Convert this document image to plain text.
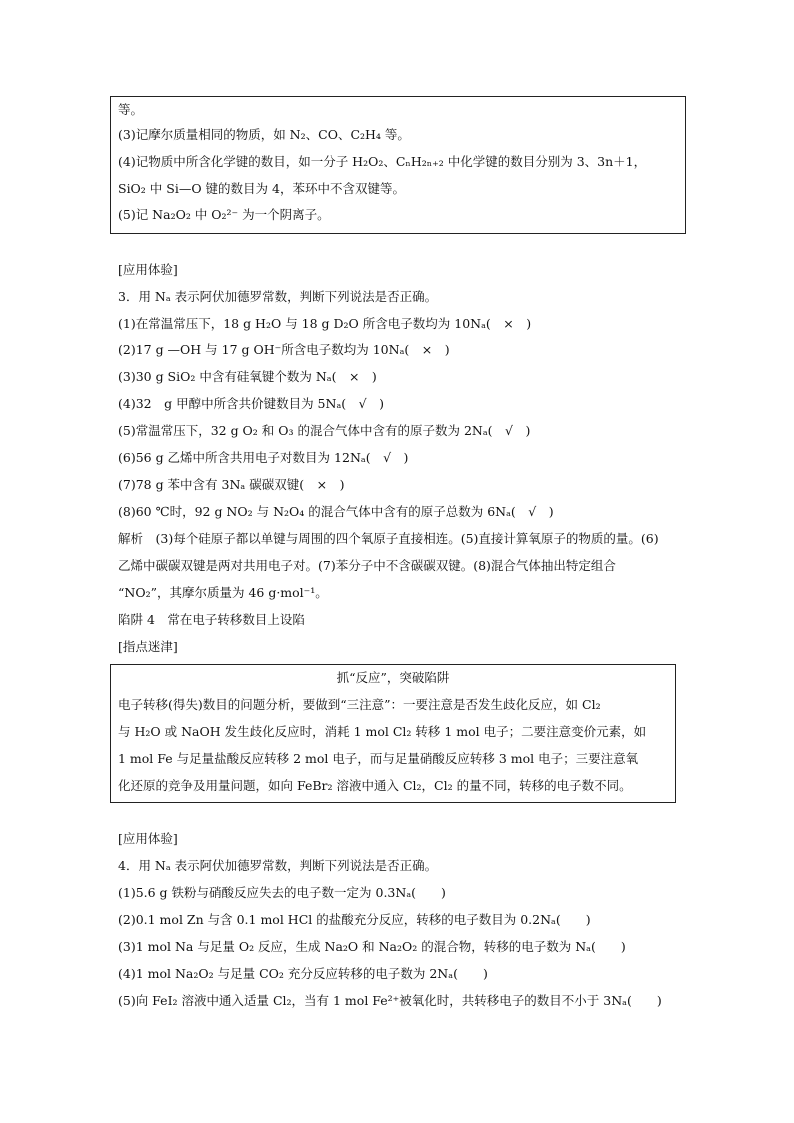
等。
(3)记摩尔质量相同的物质，如 N₂、CO、C₂H₄ 等。
(4)记物质中所含化学键的数目，如一分子 H₂O₂、CₙH₂ₙ₊₂ 中化学键的数目分别为 3、3n＋1，
SiO₂ 中 Si—O 键的数目为 4，苯环中不含双键等。
(5)记 Na₂O₂ 中 O₂²⁻ 为一个阴离子。
[应用体验]
3．用 Nₐ 表示阿伏加德罗常数，判断下列说法是否正确。
(1)在常温常压下，18 g H₂O 与 18 g D₂O 所含电子数均为 10Nₐ(　×　)
(2)17 g —OH 与 17 g OH⁻所含电子数均为 10Nₐ(　×　)
(3)30 g SiO₂ 中含有硅氧键个数为 Nₐ(　×　)
(4)32　g 甲醇中所含共价键数目为 5Nₐ(　√　)
(5)常温常压下，32 g O₂ 和 O₃ 的混合气体中含有的原子数为 2Nₐ(　√　)
(6)56 g 乙烯中所含共用电子对数目为 12Nₐ(　√　)
(7)78 g 苯中含有 3Nₐ 碳碳双键(　×　)
(8)60 ℃时，92 g NO₂ 与 N₂O₄ 的混合气体中含有的原子总数为 6Nₐ(　√　)
解析　(3)每个硅原子都以单键与周围的四个氧原子直接相连。(5)直接计算氧原子的物质的量。(6)
乙烯中碳碳双键是两对共用电子对。(7)苯分子中不含碳碳双键。(8)混合气体抽出特定组合
“NO₂”，其摩尔质量为 46 g·mol⁻¹。
陷阱 4　常在电子转移数目上设陷
[指点迷津]
抓“反应”，突破陷阱
电子转移(得失)数目的问题分析，要做到“三注意”：一要注意是否发生歧化反应，如 Cl₂
与 H₂O 或 NaOH 发生歧化反应时，消耗 1 mol Cl₂ 转移 1 mol 电子；二要注意变价元素，如
1 mol Fe 与足量盐酸反应转移 2 mol 电子，而与足量硝酸反应转移 3 mol 电子；三要注意氧
化还原的竞争及用量问题，如向 FeBr₂ 溶液中通入 Cl₂，Cl₂ 的量不同，转移的电子数不同。
[应用体验]
4．用 Nₐ 表示阿伏加德罗常数，判断下列说法是否正确。
(1)5.6 g 铁粉与硝酸反应失去的电子数一定为 0.3Nₐ(　　)
(2)0.1 mol Zn 与含 0.1 mol HCl 的盐酸充分反应，转移的电子数目为 0.2Nₐ(　　)
(3)1 mol Na 与足量 O₂ 反应，生成 Na₂O 和 Na₂O₂ 的混合物，转移的电子数为 Nₐ(　　)
(4)1 mol Na₂O₂ 与足量 CO₂ 充分反应转移的电子数为 2Nₐ(　　)
(5)向 FeI₂ 溶液中通入适量 Cl₂，当有 1 mol Fe²⁺被氧化时，共转移电子的数目不小于 3Nₐ(　　)
